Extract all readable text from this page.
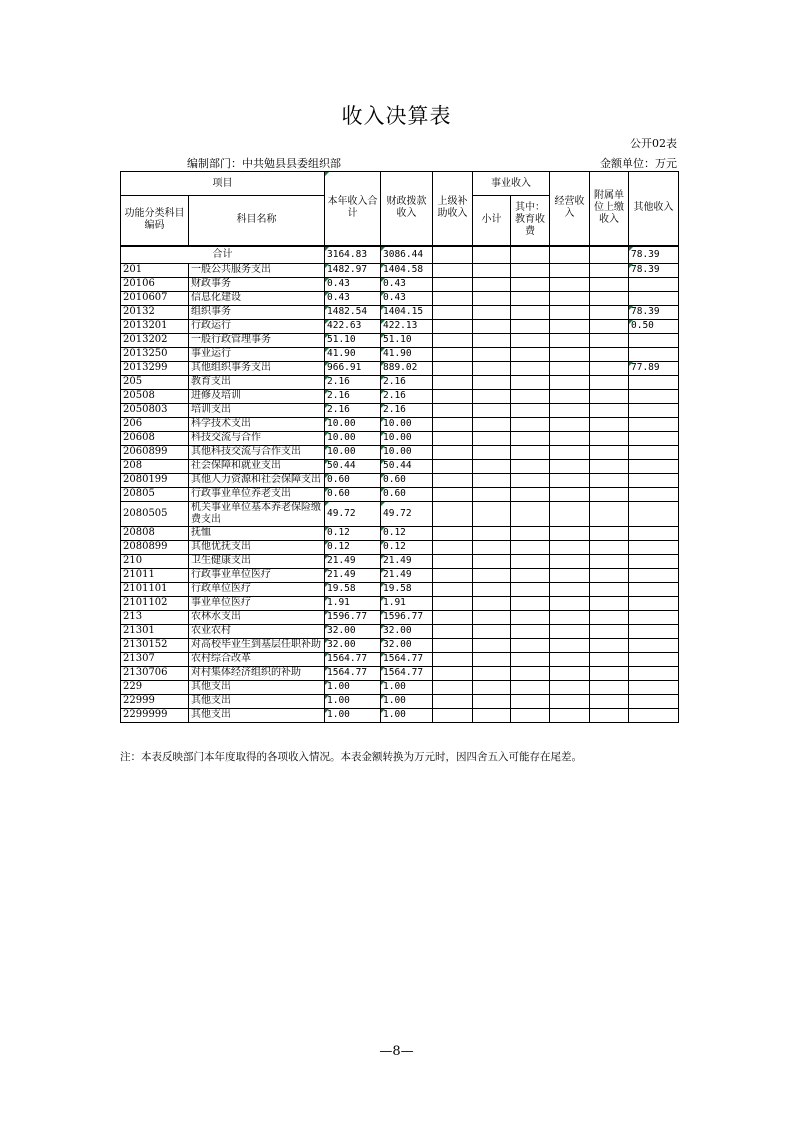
收入决算表
公开02表
编制部门：中共勉县县委组织部	金额单位：万元
项目		本年收入合计	财政拨款收入	上级补助收入	事业收入		经营收入	附属单位上缴收入	其他收入
功能分类科目编码	科目名称				小计	其中：教育收费			

合计		3164.83	3086.44						78.39
201	一般公共服务支出	1482.97	1404.58						78.39
20106	财政事务	0.43	0.43						
2010607	信息化建设	0.43	0.43						
20132	组织事务	1482.54	1404.15						78.39
2013201	行政运行	422.63	422.13						0.50
2013202	一般行政管理事务	51.10	51.10						
2013250	事业运行	41.90	41.90						
2013299	其他组织事务支出	966.91	889.02						77.89
205	教育支出	2.16	2.16						
20508	进修及培训	2.16	2.16						
2050803	培训支出	2.16	2.16						
206	科学技术支出	10.00	10.00						
20608	科技交流与合作	10.00	10.00						
2060899	其他科技交流与合作支出	10.00	10.00						
208	社会保障和就业支出	50.44	50.44						
2080199	其他人力资源和社会保障支出	0.60	0.60						
20805	行政事业单位养老支出	0.60	0.60						
2080505	机关事业单位基本养老保险缴费支出	49.72	49.72						
20808	抚恤	0.12	0.12						
2080899	其他优抚支出	0.12	0.12						
210	卫生健康支出	21.49	21.49						
21011	行政事业单位医疗	21.49	21.49						
2101101	行政单位医疗	19.58	19.58						
2101102	事业单位医疗	1.91	1.91						
213	农林水支出	1596.77	1596.77						
21301	农业农村	32.00	32.00						
2130152	对高校毕业生到基层任职补助	32.00	32.00						
21307	农村综合改革	1564.77	1564.77						
2130706	对村集体经济组织的补助	1564.77	1564.77						
229	其他支出	1.00	1.00						
22999	其他支出	1.00	1.00						
2299999	其他支出	1.00	1.00						
注：本表反映部门本年度取得的各项收入情况。本表金额转换为万元时，因四舍五入可能存在尾差。
—8—
